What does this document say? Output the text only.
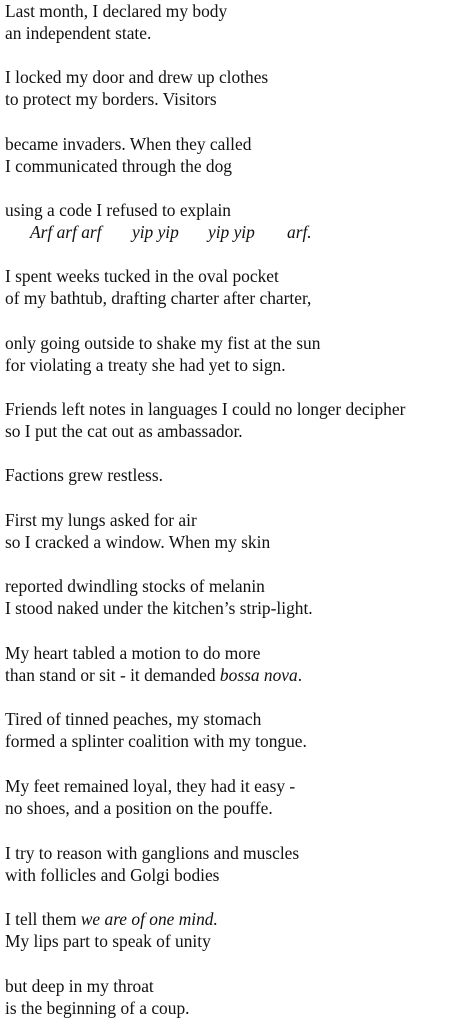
Last month, I declared my body
an independent state.
I locked my door and drew up clothes
to protect my borders. Visitors
became invaders. When they called
I communicated through the dog
using a code I refused to explain
Arf arf arf yip yip yip yip arf.
I spent weeks tucked in the oval pocket
of my bathtub, drafting charter after charter,
only going outside to shake my fist at the sun
for violating a treaty she had yet to sign.
Friends left notes in languages I could no longer decipher
so I put the cat out as ambassador.
Factions grew restless.
First my lungs asked for air
so I cracked a window. When my skin
reported dwindling stocks of melanin
I stood naked under the kitchen’s strip-light.
My heart tabled a motion to do more
than stand or sit - it demanded bossa nova.
Tired of tinned peaches, my stomach
formed a splinter coalition with my tongue.
My feet remained loyal, they had it easy -
no shoes, and a position on the pouffe.
I try to reason with ganglions and muscles
with follicles and Golgi bodies
I tell them we are of one mind.
My lips part to speak of unity
but deep in my throat
is the beginning of a coup.
